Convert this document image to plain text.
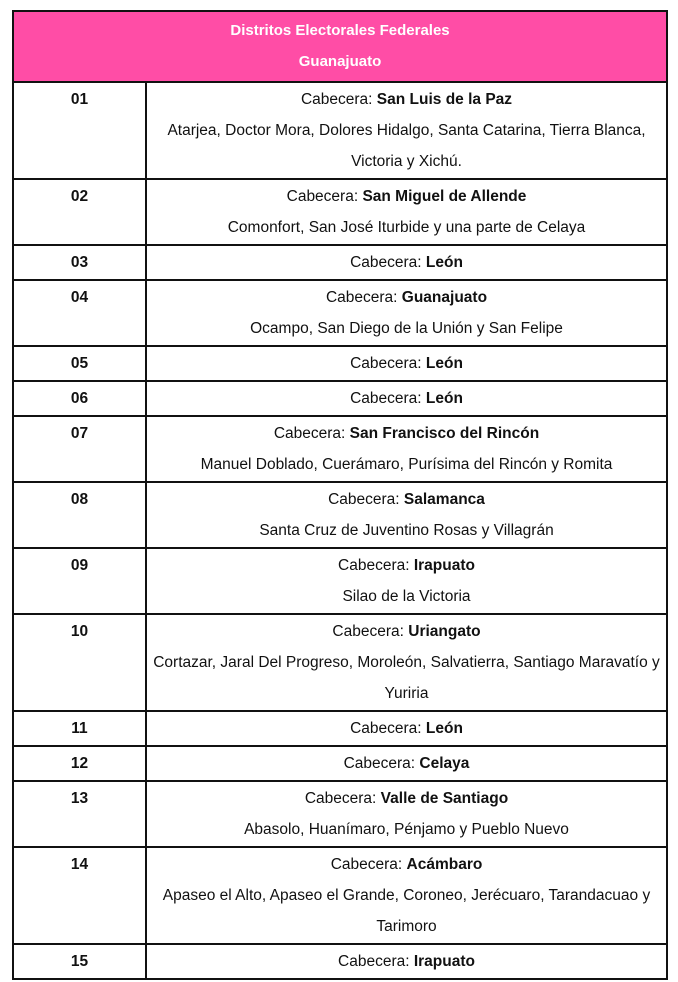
Distritos Electorales Federales
Guanajuato	

01	Cabecera: San Luis de la Paz
Atarjea, Doctor Mora, Dolores Hidalgo, Santa Catarina, Tierra Blanca, Victoria y Xichú.

02	Cabecera: San Miguel de Allende
Comonfort, San José Iturbide y una parte de Celaya

03	Cabecera: León

04	Cabecera: Guanajuato
Ocampo, San Diego de la Unión y San Felipe

05	Cabecera: León

06	Cabecera: León

07	Cabecera: San Francisco del Rincón
Manuel Doblado, Cuerámaro, Purísima del Rincón y Romita

08	Cabecera: Salamanca
Santa Cruz de Juventino Rosas y Villagrán

09	Cabecera: Irapuato
Silao de la Victoria

10	Cabecera: Uriangato
Cortazar, Jaral Del Progreso, Moroleón, Salvatierra, Santiago Maravatío y Yuriria

11	Cabecera: León

12	Cabecera: Celaya

13	Cabecera: Valle de Santiago
Abasolo, Huanímaro, Pénjamo y Pueblo Nuevo

14	Cabecera: Acámbaro
Apaseo el Alto, Apaseo el Grande, Coroneo, Jerécuaro, Tarandacuao y Tarimoro

15	Cabecera: Irapuato
